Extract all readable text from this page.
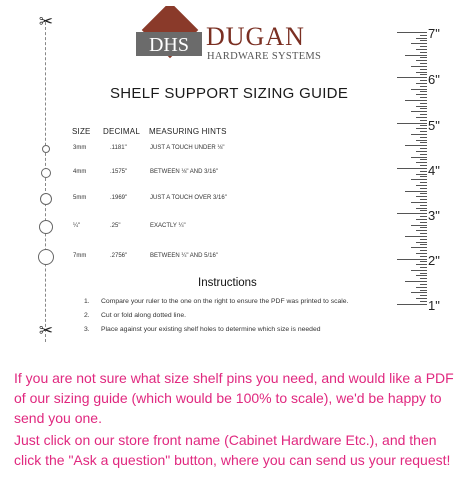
✂
✂
DHS DUGAN
HARDWARE SYSTEMS
SHELF SUPPORT SIZING GUIDE
SIZE DECIMAL MEASURING HINTS
3mm	.1181"	JUST A TOUCH UNDER ⅛"
4mm	.1575"	BETWEEN ⅛" AND 3/16"
5mm	.1969"	JUST A TOUCH OVER 3/16"
¼"	.25"	EXACTLY ¼"
7mm	.2756"	BETWEEN ¼" AND 5/16"
Instructions
1. Compare your ruler to the one on the right to ensure the PDF was printed to scale.
2. Cut or fold along dotted line.
3. Place against your existing shelf holes to determine which size is needed
7"
6"
5"
4"
3"
2"
1"
If you are not sure what size shelf pins you need, and would like a PDF of our sizing guide (which would be 100% to scale), we'd be happy to send you one.
Just click on our store front name (Cabinet Hardware Etc.), and then click the "Ask a question" button, where you can send us your request!
